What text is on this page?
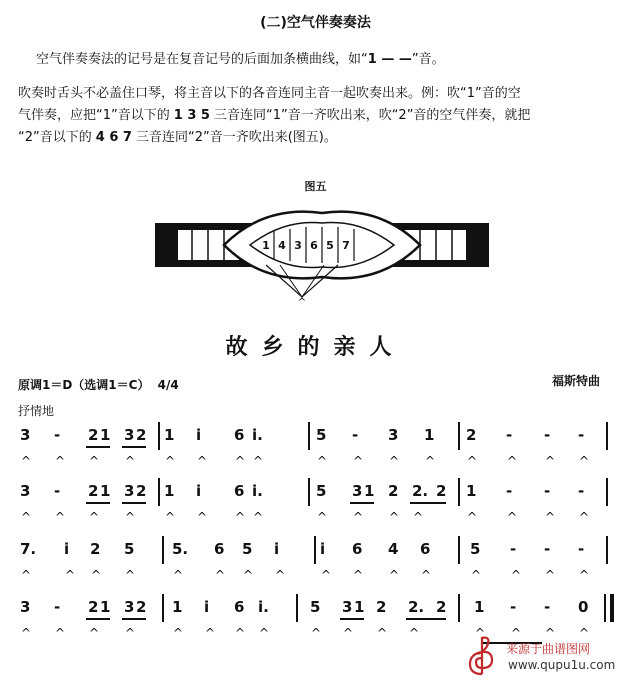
(二)空气伴奏奏法
空气伴奏奏法的记号是在复音记号的后面加条横曲线，如“1 — —”音。
吹奏时舌头不必盖住口琴，将主音以下的各音连同主音一起吹奏出来。例：吹“1”音的空
气伴奏，应把“1”音以下的 1 3 5 三音连同“1”音一齐吹出来，吹“2”音的空气伴奏，就把
“2”音以下的 4 6 7 三音连同“2”音一齐吹出来(图五)。
图五
1 4 3 6 5 7
^
故乡的亲人
原调1＝D（选调1＝C） 4/4	福斯特曲
抒情地
3 - 2 1 3 2 1 i 6 i.	5 - 3 1 2 - - -
^ ^ ^ ^ ^ ^ ^ ^	^ ^ ^ ^	^ ^ ^ ^
3 - 2 1 3 2 1 i 6 i.	5 3 1 2 2. 2 1 - - -
^ ^ ^ ^ ^ ^ ^ ^	^ ^ ^ ^	^ ^ ^ ^
7. i 2 5	5. 6 5 i	i 6 4 6	5 - - -
^	^ ^ ^	^	^ ^ ^	^ ^ ^ ^	^ ^ ^ ^
3 - 2 1 3 2 1 i 6 i.	5 3 1 2 2. 2 1 - - 0
^ ^ ^ ^	^ ^ ^ ^	^ ^ ^ ^	^ ^ ^ ^
来源于曲谱图网
www.qupu1u.com
